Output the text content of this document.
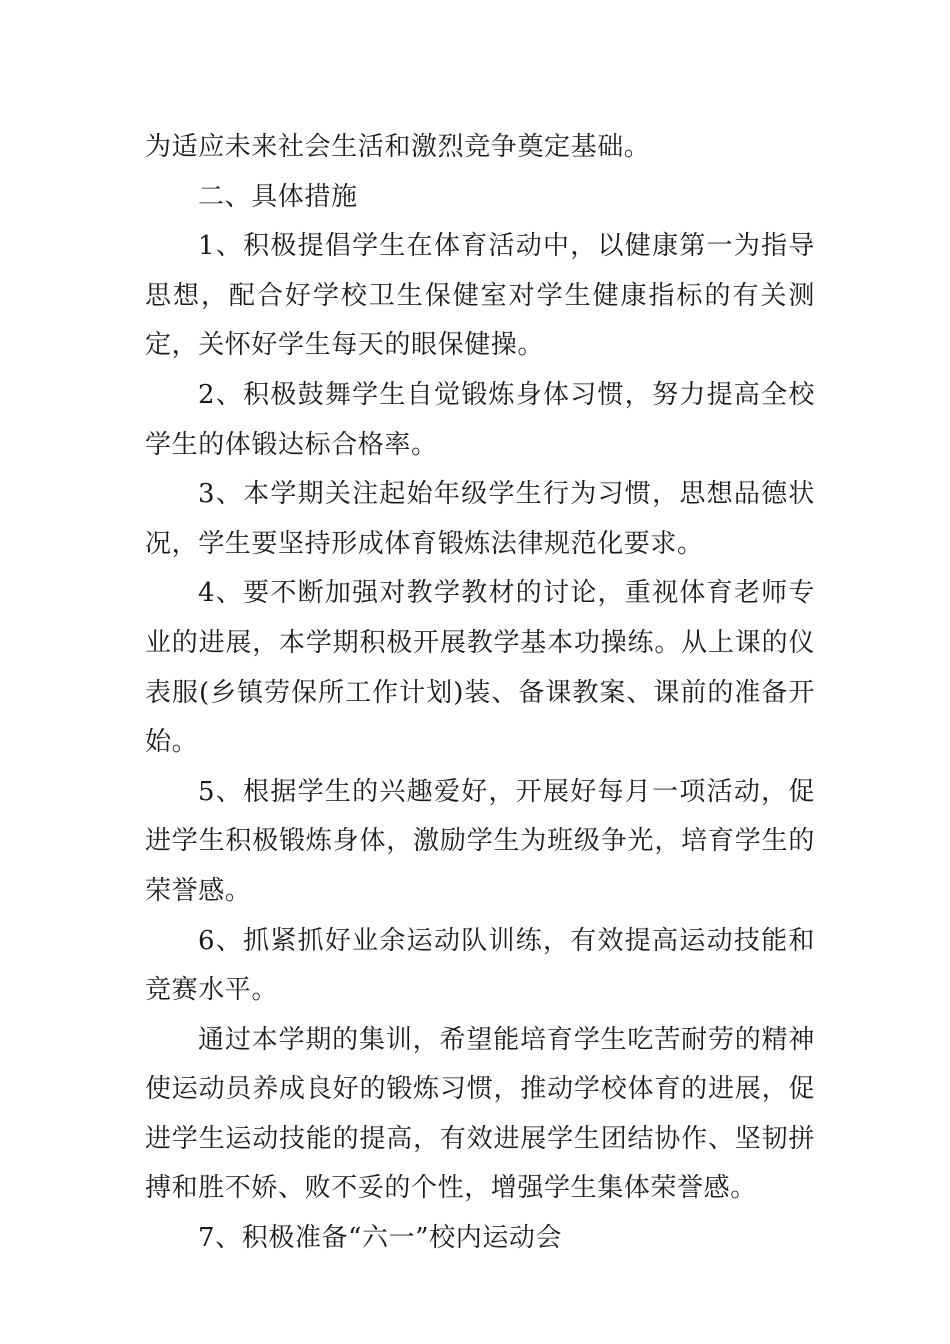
为适应未来社会生活和激烈竞争奠定基础。

二、具体措施

1、积极提倡学生在体育活动中，以健康第一为指导思想，配合好学校卫生保健室对学生健康指标的有关测定，关怀好学生每天的眼保健操。

2、积极鼓舞学生自觉锻炼身体习惯，努力提高全校学生的体锻达标合格率。

3、本学期关注起始年级学生行为习惯，思想品德状况，学生要坚持形成体育锻炼法律规范化要求。

4、要不断加强对教学教材的讨论，重视体育老师专业的进展，本学期积极开展教学基本功操练。从上课的仪表服(乡镇劳保所工作计划)装、备课教案、课前的准备开始。

5、根据学生的兴趣爱好，开展好每月一项活动，促进学生积极锻炼身体，激励学生为班级争光，培育学生的荣誉感。

6、抓紧抓好业余运动队训练，有效提高运动技能和竞赛水平。

通过本学期的集训，希望能培育学生吃苦耐劳的精神使运动员养成良好的锻炼习惯，推动学校体育的进展，促进学生运动技能的提高，有效进展学生团结协作、坚韧拼搏和胜不娇、败不妥的个性，增强学生集体荣誉感。

7、积极准备“六一”校内运动会
